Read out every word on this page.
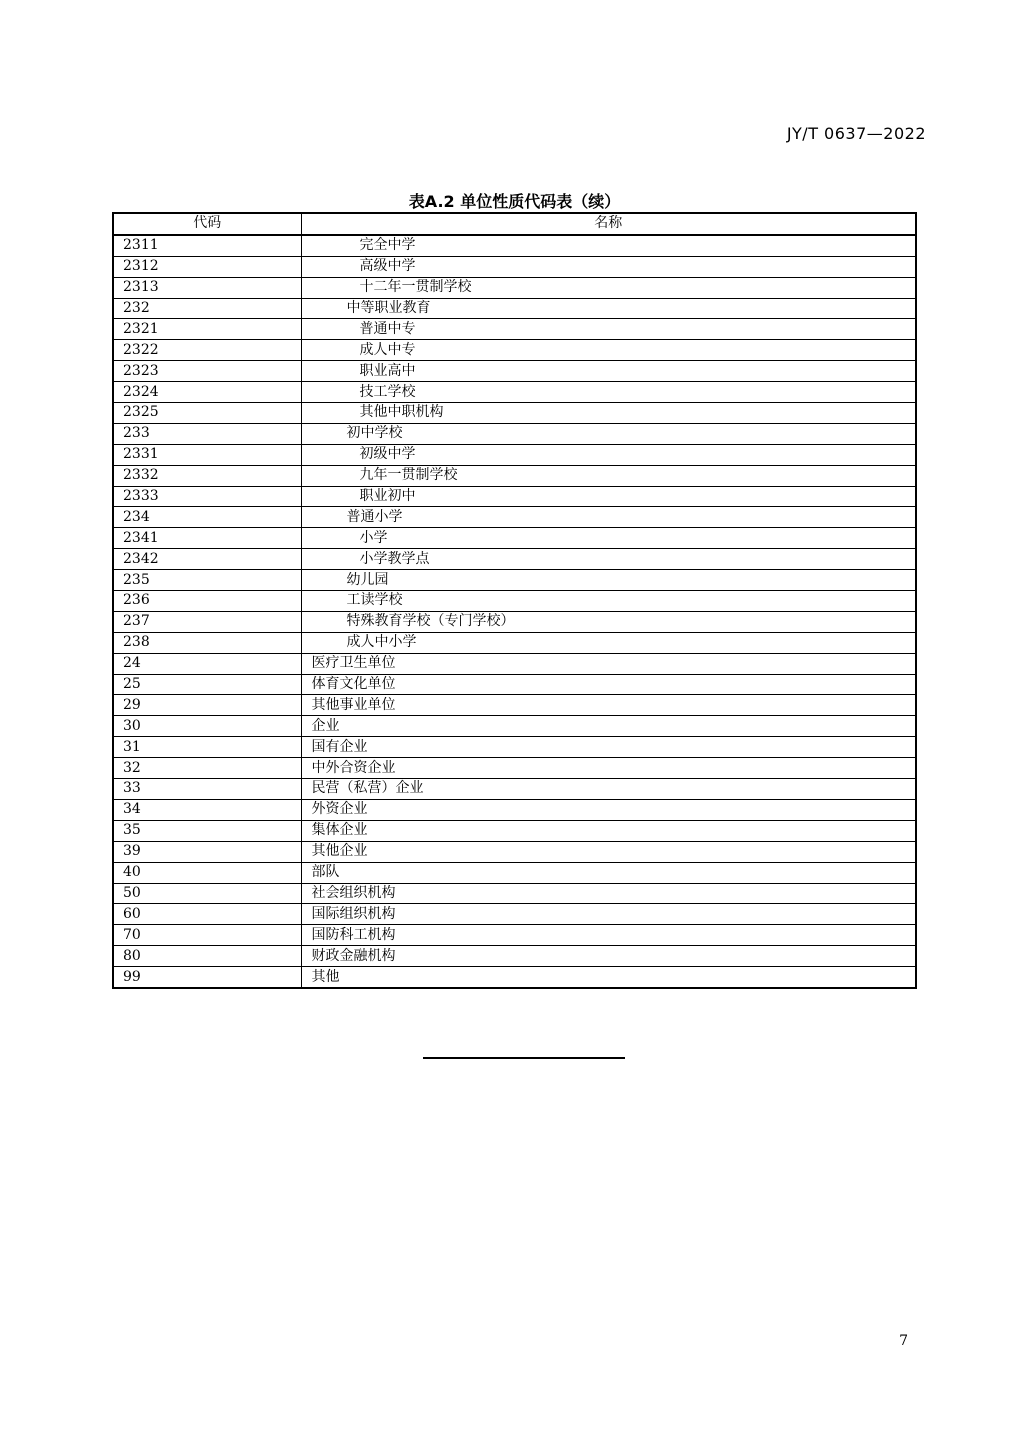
JY/T 0637—2022
表A.2 单位性质代码表（续）
代码	名称
2311	完全中学
2312	高级中学
2313	十二年一贯制学校
232	中等职业教育
2321	普通中专
2322	成人中专
2323	职业高中
2324	技工学校
2325	其他中职机构
233	初中学校
2331	初级中学
2332	九年一贯制学校
2333	职业初中
234	普通小学
2341	小学
2342	小学教学点
235	幼儿园
236	工读学校
237	特殊教育学校（专门学校）
238	成人中小学
24	医疗卫生单位
25	体育文化单位
29	其他事业单位
30	企业
31	国有企业
32	中外合资企业
33	民营（私营）企业
34	外资企业
35	集体企业
39	其他企业
40	部队
50	社会组织机构
60	国际组织机构
70	国防科工机构
80	财政金融机构
99	其他
7
